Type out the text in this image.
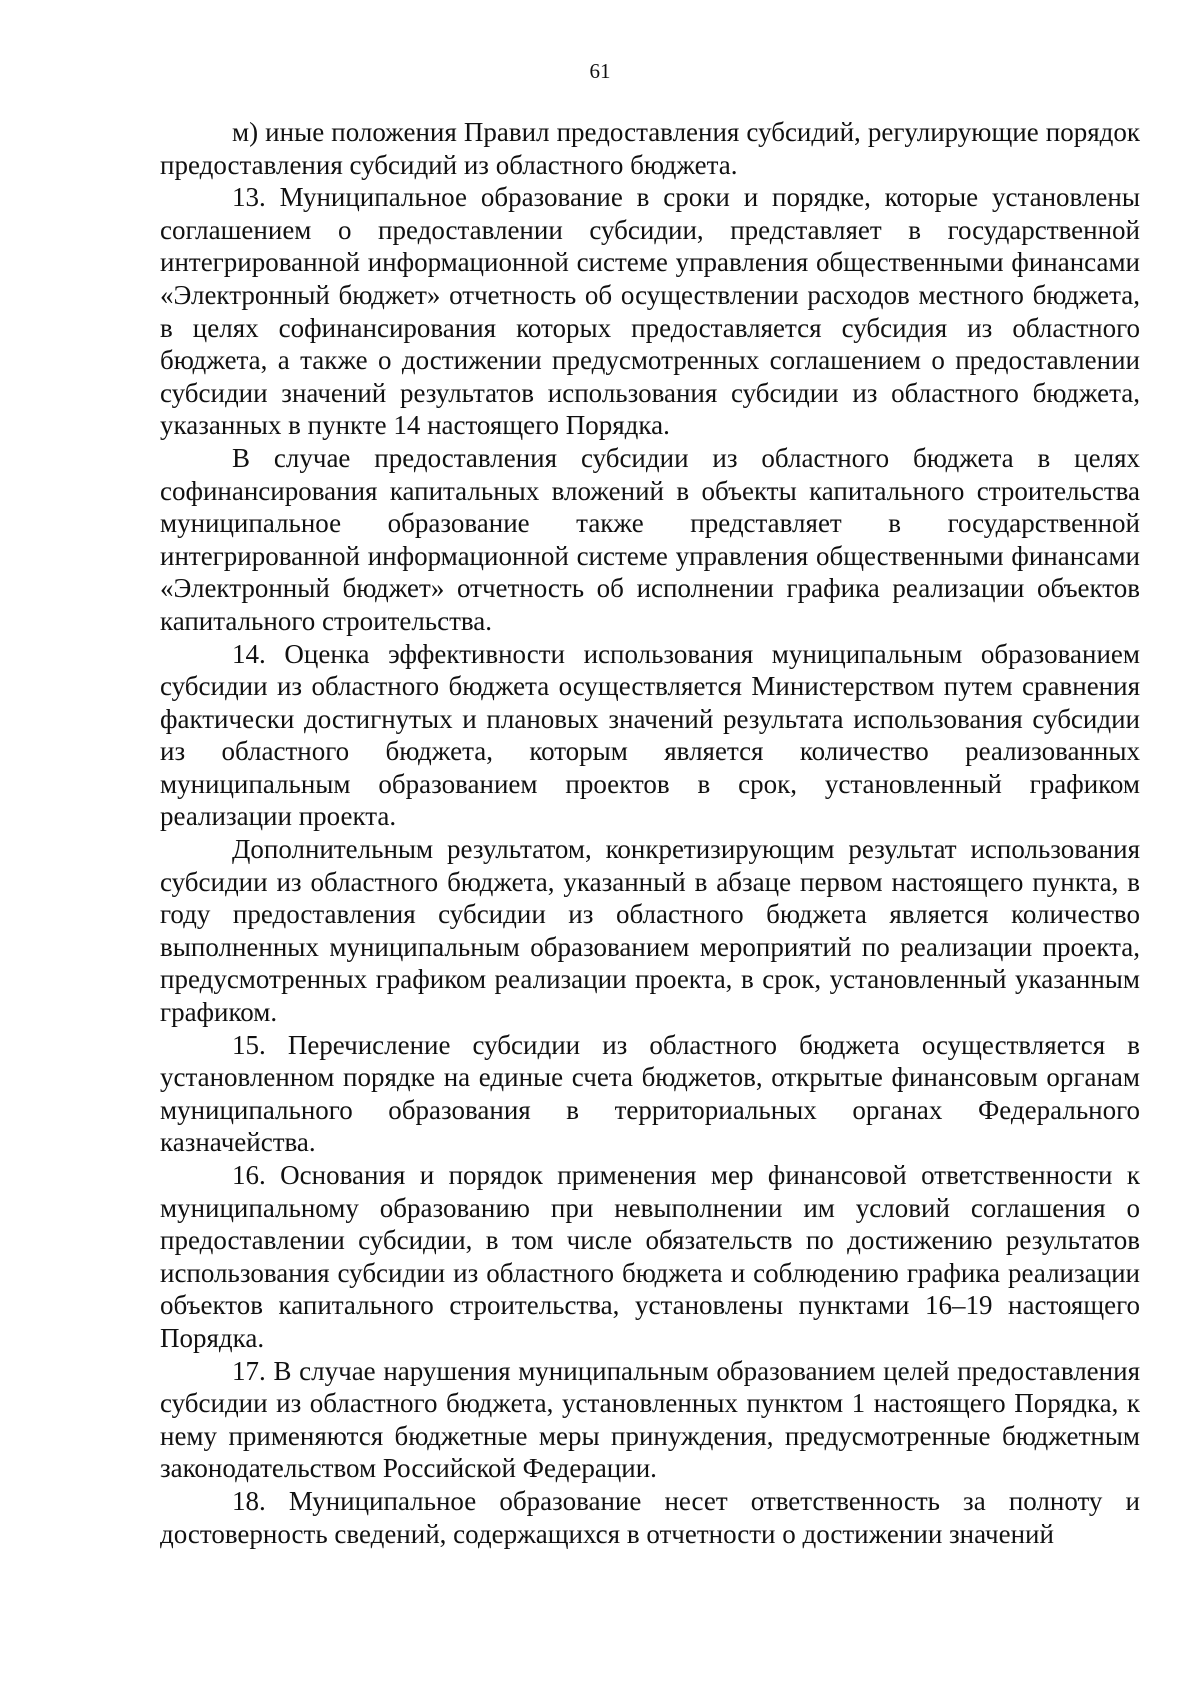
61

м) иные положения Правил предоставления субсидий, регулирующие порядок предоставления субсидий из областного бюджета.

13. Муниципальное образование в сроки и порядке, которые установлены соглашением о предоставлении субсидии, представляет в государственной интегрированной информационной системе управления общественными финансами «Электронный бюджет» отчетность об осуществлении расходов местного бюджета, в целях софинансирования которых предоставляется субсидия из областного бюджета, а также о достижении предусмотренных соглашением о предоставлении субсидии значений результатов использования субсидии из областного бюджета, указанных в пункте 14 настоящего Порядка.

В случае предоставления субсидии из областного бюджета в целях софинансирования капитальных вложений в объекты капитального строительства муниципальное образование также представляет в государственной интегрированной информационной системе управления общественными финансами «Электронный бюджет» отчетность об исполнении графика реализации объектов капитального строительства.

14. Оценка эффективности использования муниципальным образованием субсидии из областного бюджета осуществляется Министерством путем сравнения фактически достигнутых и плановых значений результата использования субсидии из областного бюджета, которым является количество реализованных муниципальным образованием проектов в срок, установленный графиком реализации проекта.

Дополнительным результатом, конкретизирующим результат использования субсидии из областного бюджета, указанный в абзаце первом настоящего пункта, в году предоставления субсидии из областного бюджета является количество выполненных муниципальным образованием мероприятий по реализации проекта, предусмотренных графиком реализации проекта, в срок, установленный указанным графиком.

15. Перечисление субсидии из областного бюджета осуществляется в установленном порядке на единые счета бюджетов, открытые финансовым органам муниципального образования в территориальных органах Федерального казначейства.

16. Основания и порядок применения мер финансовой ответственности к муниципальному образованию при невыполнении им условий соглашения о предоставлении субсидии, в том числе обязательств по достижению результатов использования субсидии из областного бюджета и соблюдению графика реализации объектов капитального строительства, установлены пунктами 16–19 настоящего Порядка.

17. В случае нарушения муниципальным образованием целей предоставления субсидии из областного бюджета, установленных пунктом 1 настоящего Порядка, к нему применяются бюджетные меры принуждения, предусмотренные бюджетным законодательством Российской Федерации.

18. Муниципальное образование несет ответственность за полноту и достоверность сведений, содержащихся в отчетности о достижении значений
